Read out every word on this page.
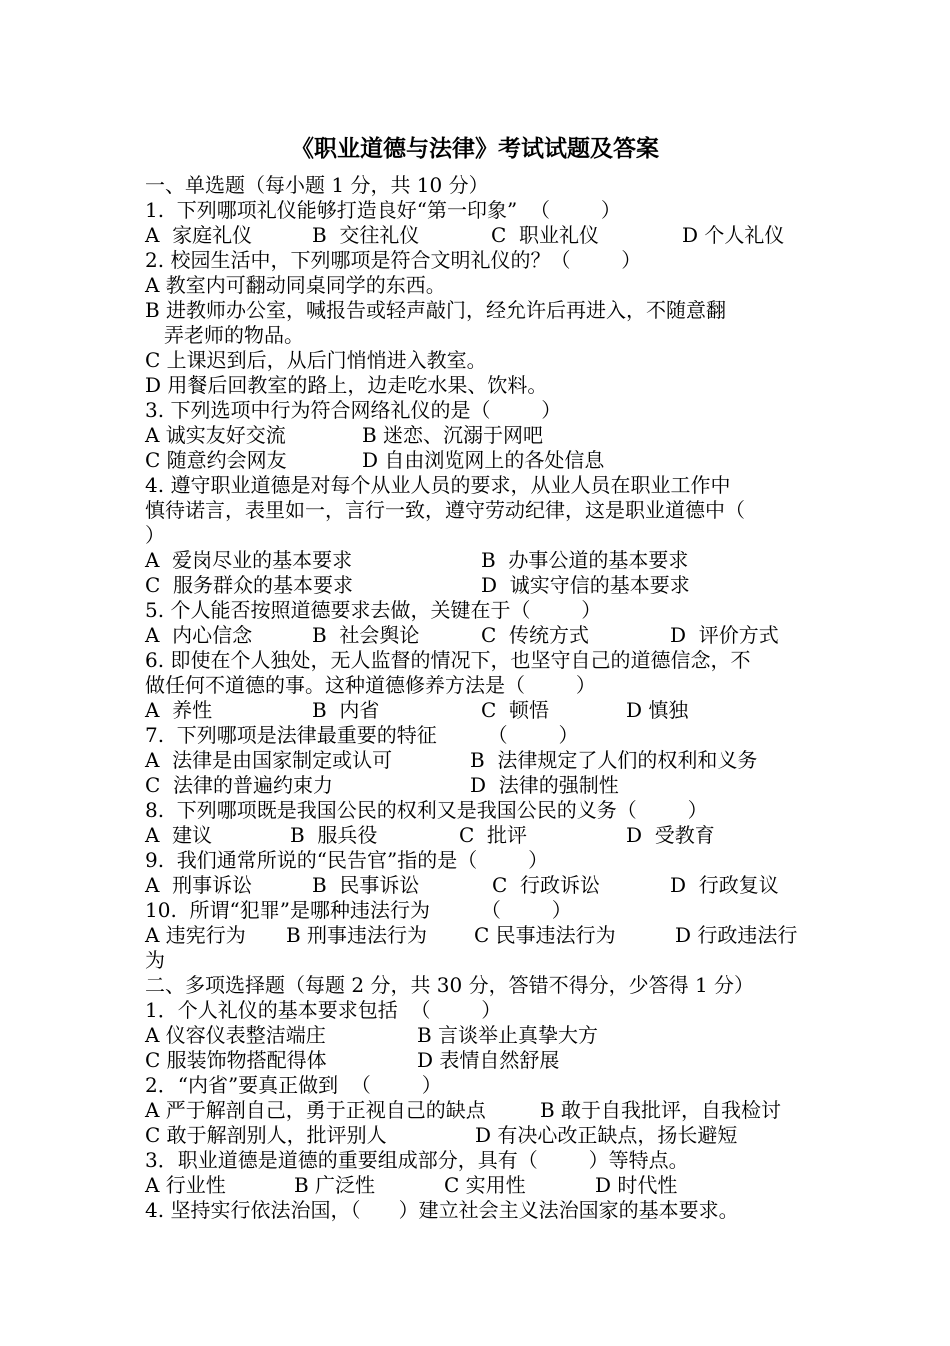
《职业道德与法律》考试试题及答案
一、单选题（每小题 1 分，共 10 分）
1.  下列哪项礼仪能够打造良好“第一印象”  （        ）
A  家庭礼仪	B  交往礼仪	C  职业礼仪	D 个人礼仪
2. 校园生活中，下列哪项是符合文明礼仪的？（        ）
A 教室内可翻动同桌同学的东西。
B 进教师办公室，喊报告或轻声敲门，经允许后再进入，不随意翻
弄老师的物品。
C 上课迟到后，从后门悄悄进入教室。
D 用餐后回教室的路上，边走吃水果、饮料。
3. 下列选项中行为符合网络礼仪的是（        ）
A 诚实友好交流	B 迷恋、沉溺于网吧
C 随意约会网友	D 自由浏览网上的各处信息
4. 遵守职业道德是对每个从业人员的要求，从业人员在职业工作中
慎待诺言，表里如一，言行一致，遵守劳动纪律，这是职业道德中（
）
A  爱岗尽业的基本要求	B  办事公道的基本要求
C  服务群众的基本要求	D  诚实守信的基本要求
5. 个人能否按照道德要求去做，关键在于（        ）
A  内心信念	B  社会舆论	C  传统方式	D  评价方式
6. 即使在个人独处，无人监督的情况下，也坚守自己的道德信念，不
做任何不道德的事。这种道德修养方法是（        ）
A  养性	B  内省	C  顿悟	D 慎独
7.  下列哪项是法律最重要的特征        （        ）
A  法律是由国家制定或认可	B  法律规定了人们的权利和义务
C  法律的普遍约束力	D  法律的强制性
8.  下列哪项既是我国公民的权利又是我国公民的义务（        ）
A  建议	B  服兵役	C  批评	D  受教育
9.  我们通常所说的“民告官”指的是（        ）
A  刑事诉讼	B  民事诉讼	C  行政诉讼	D  行政复议
10.  所谓“犯罪”是哪种违法行为        （        ）
A 违宪行为 B 刑事违法行为 C 民事违法行为	D 行政违法行
为
二、多项选择题（每题 2 分，共 30 分，答错不得分，少答得 1 分）
1．个人礼仪的基本要求包括  （        ）
A 仪容仪表整洁端庄	B 言谈举止真挚大方
C 服装饰物搭配得体	D 表情自然舒展
2．“内省”要真正做到  （        ）
A 严于解剖自己，勇于正视自己的缺点	B 敢于自我批评，自我检讨
C 敢于解剖别人，批评别人	D 有决心改正缺点，扬长避短
3．职业道德是道德的重要组成部分，具有（        ）等特点。
A 行业性	B 广泛性	C 实用性	D 时代性
4. 坚持实行依法治国，（      ）建立社会主义法治国家的基本要求。
